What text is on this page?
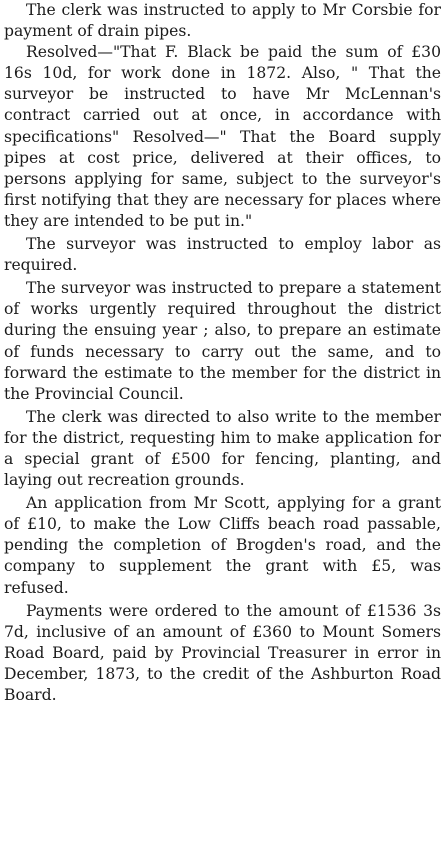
The clerk was instructed to apply to Mr Corsbie for payment of drain pipes.

Resolved—"That F. Black be paid the sum of £30 16s 10d, for work done in 1872. Also, " That the surveyor be instructed to have Mr McLennan's contract carried out at once, in accordance with specifications" Resolved—" That the Board supply pipes at cost price, delivered at their offices, to persons applying for same, subject to the surveyor's first notifying that they are necessary for places where they are intended to be put in."

The surveyor was instructed to employ labor as required.

The surveyor was instructed to prepare a statement of works urgently required throughout the district during the ensuing year ; also, to prepare an estimate of funds necessary to carry out the same, and to forward the estimate to the member for the district in the Provincial Council.

The clerk was directed to also write to the member for the district, requesting him to make application for a special grant of £500 for fencing, planting, and laying out recreation grounds.

An application from Mr Scott, applying for a grant of £10, to make the Low Cliffs beach road passable, pending the completion of Brogden's road, and the company to supplement the grant with £5, was refused.

Payments were ordered to the amount of £1536 3s 7d, inclusive of an amount of £360 to Mount Somers Road Board, paid by Provincial Treasurer in error in December, 1873, to the credit of the Ashburton Road Board.
